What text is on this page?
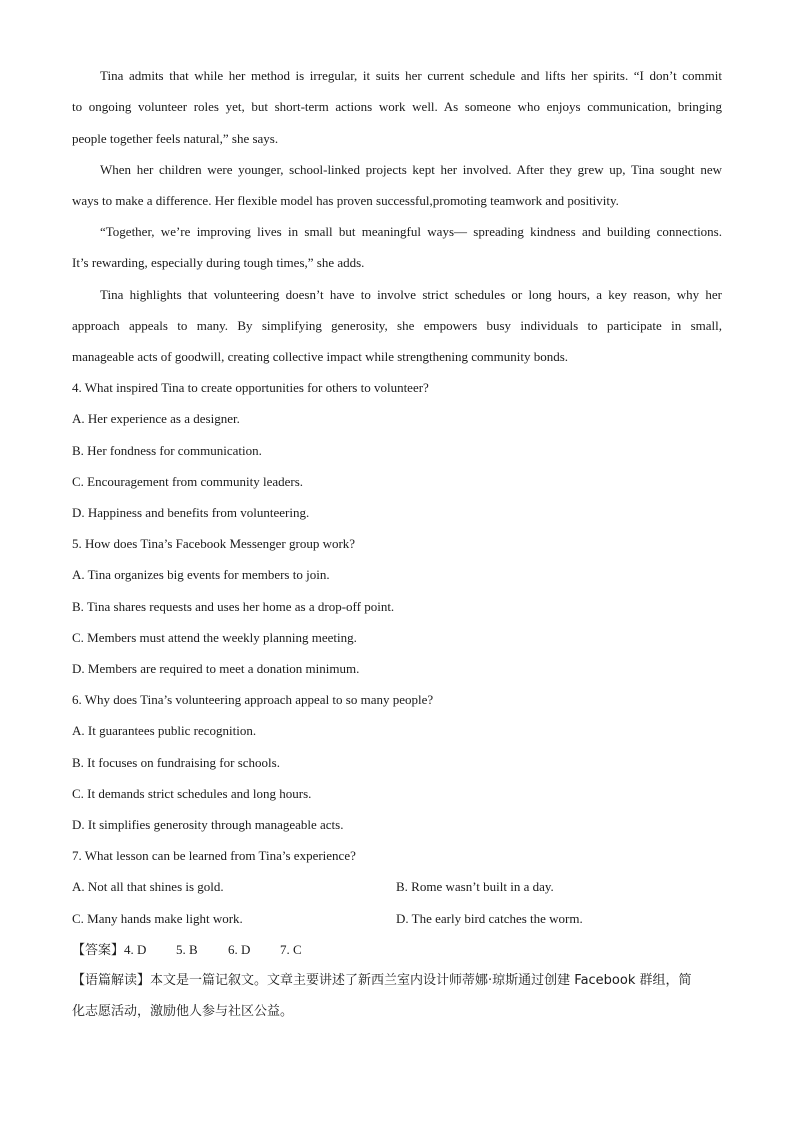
Tina admits that while her method is irregular, it suits her current schedule and lifts her spirits. “I don’t commit
to ongoing volunteer roles yet, but short-term actions work well. As someone who enjoys communication, bringing
people together feels natural,” she says.
When her children were younger, school-linked projects kept her involved. After they grew up, Tina sought new
ways to make a difference. Her flexible model has proven successful,promoting teamwork and positivity.
“Together, we’re improving lives in small but meaningful ways— spreading kindness and building connections.
It’s rewarding, especially during tough times,” she adds.
Tina highlights that volunteering doesn’t have to involve strict schedules or long hours, a key reason, why her
approach appeals to many. By simplifying generosity, she empowers busy individuals to participate in small,
manageable acts of goodwill, creating collective impact while strengthening community bonds.
4. What inspired Tina to create opportunities for others to volunteer?
A. Her experience as a designer.
B. Her fondness for communication.
C. Encouragement from community leaders.
D. Happiness and benefits from volunteering.
5. How does Tina’s Facebook Messenger group work?
A. Tina organizes big events for members to join.
B. Tina shares requests and uses her home as a drop-off point.
C. Members must attend the weekly planning meeting.
D. Members are required to meet a donation minimum.
6. Why does Tina’s volunteering approach appeal to so many people?
A. It guarantees public recognition.
B. It focuses on fundraising for schools.
C. It demands strict schedules and long hours.
D. It simplifies generosity through manageable acts.
7. What lesson can be learned from Tina’s experience?
A. Not all that shines is gold.	B. Rome wasn’t built in a day.
C. Many hands make light work.	D. The early bird catches the worm.
【答案】4. D 5. B 6. D 7. C
【语篇解读】本文是一篇记叙文。文章主要讲述了新西兰室内设计师蒂娜·琼斯通过创建 Facebook 群组，简
化志愿活动，激励他人参与社区公益。
